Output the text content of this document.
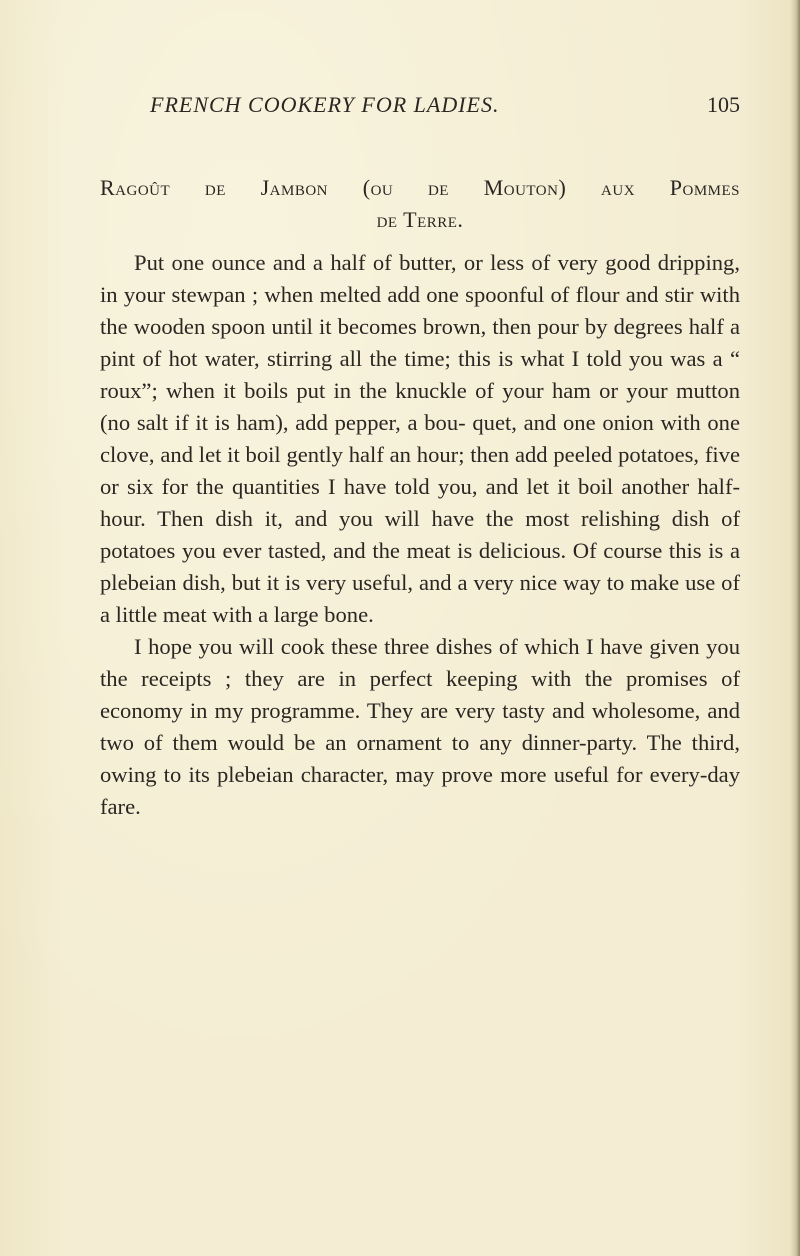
FRENCH COOKERY FOR LADIES.	105
Ragoût de Jambon (ou de Mouton) aux Pommes
de Terre.

Put one ounce and a half of butter, or less of very good dripping, in your stewpan ; when melted add one spoonful of flour and stir with the wooden spoon until it becomes brown, then pour by degrees half a pint of hot water, stirring all the time; this is what I told you was a “ roux”; when it boils put in the knuckle of your ham or your mutton (no salt if it is ham), add pepper, a bou- quet, and one onion with one clove, and let it boil gently half an hour; then add peeled potatoes, five or six for the quantities I have told you, and let it boil another half-hour. Then dish it, and you will have the most relishing dish of potatoes you ever tasted, and the meat is delicious. Of course this is a plebeian dish, but it is very useful, and a very nice way to make use of a little meat with a large bone.

I hope you will cook these three dishes of which I have given you the receipts ; they are in perfect keeping with the promises of economy in my programme. They are very tasty and wholesome, and two of them would be an ornament to any dinner-party. The third, owing to its plebeian character, may prove more useful for every-day fare.
